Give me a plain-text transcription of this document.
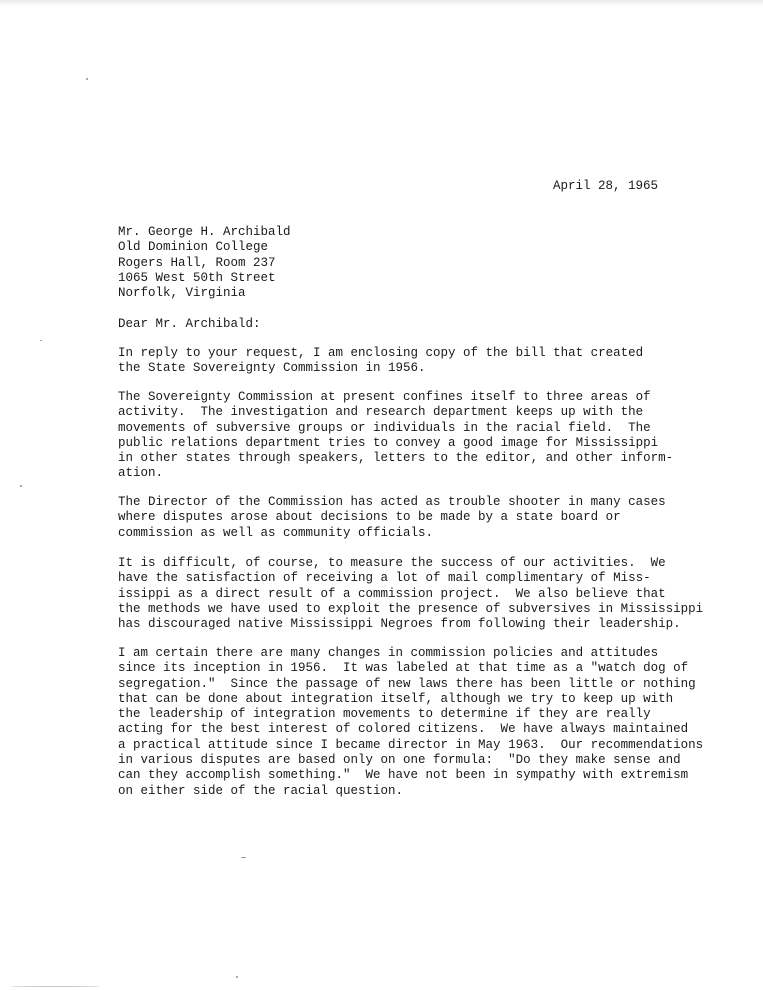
April 28, 1965
Mr. George H. Archibald
Old Dominion College
Rogers Hall, Room 237
1065 West 50th Street
Norfolk, Virginia
Dear Mr. Archibald:
In reply to your request, I am enclosing copy of the bill that created
the State Sovereignty Commission in 1956.
The Sovereignty Commission at present confines itself to three areas of
activity.  The investigation and research department keeps up with the
movements of subversive groups or individuals in the racial field.  The
public relations department tries to convey a good image for Mississippi
in other states through speakers, letters to the editor, and other inform-
ation.
The Director of the Commission has acted as trouble shooter in many cases
where disputes arose about decisions to be made by a state board or
commission as well as community officials.
It is difficult, of course, to measure the success of our activities.  We
have the satisfaction of receiving a lot of mail complimentary of Miss-
issippi as a direct result of a commission project.  We also believe that
the methods we have used to exploit the presence of subversives in Mississippi
has discouraged native Mississippi Negroes from following their leadership.
I am certain there are many changes in commission policies and attitudes
since its inception in 1956.  It was labeled at that time as a "watch dog of
segregation."  Since the passage of new laws there has been little or nothing
that can be done about integration itself, although we try to keep up with
the leadership of integration movements to determine if they are really
acting for the best interest of colored citizens.  We have always maintained
a practical attitude since I became director in May 1963.  Our recommendations
in various disputes are based only on one formula:  "Do they make sense and
can they accomplish something."  We have not been in sympathy with extremism
on either side of the racial question.
